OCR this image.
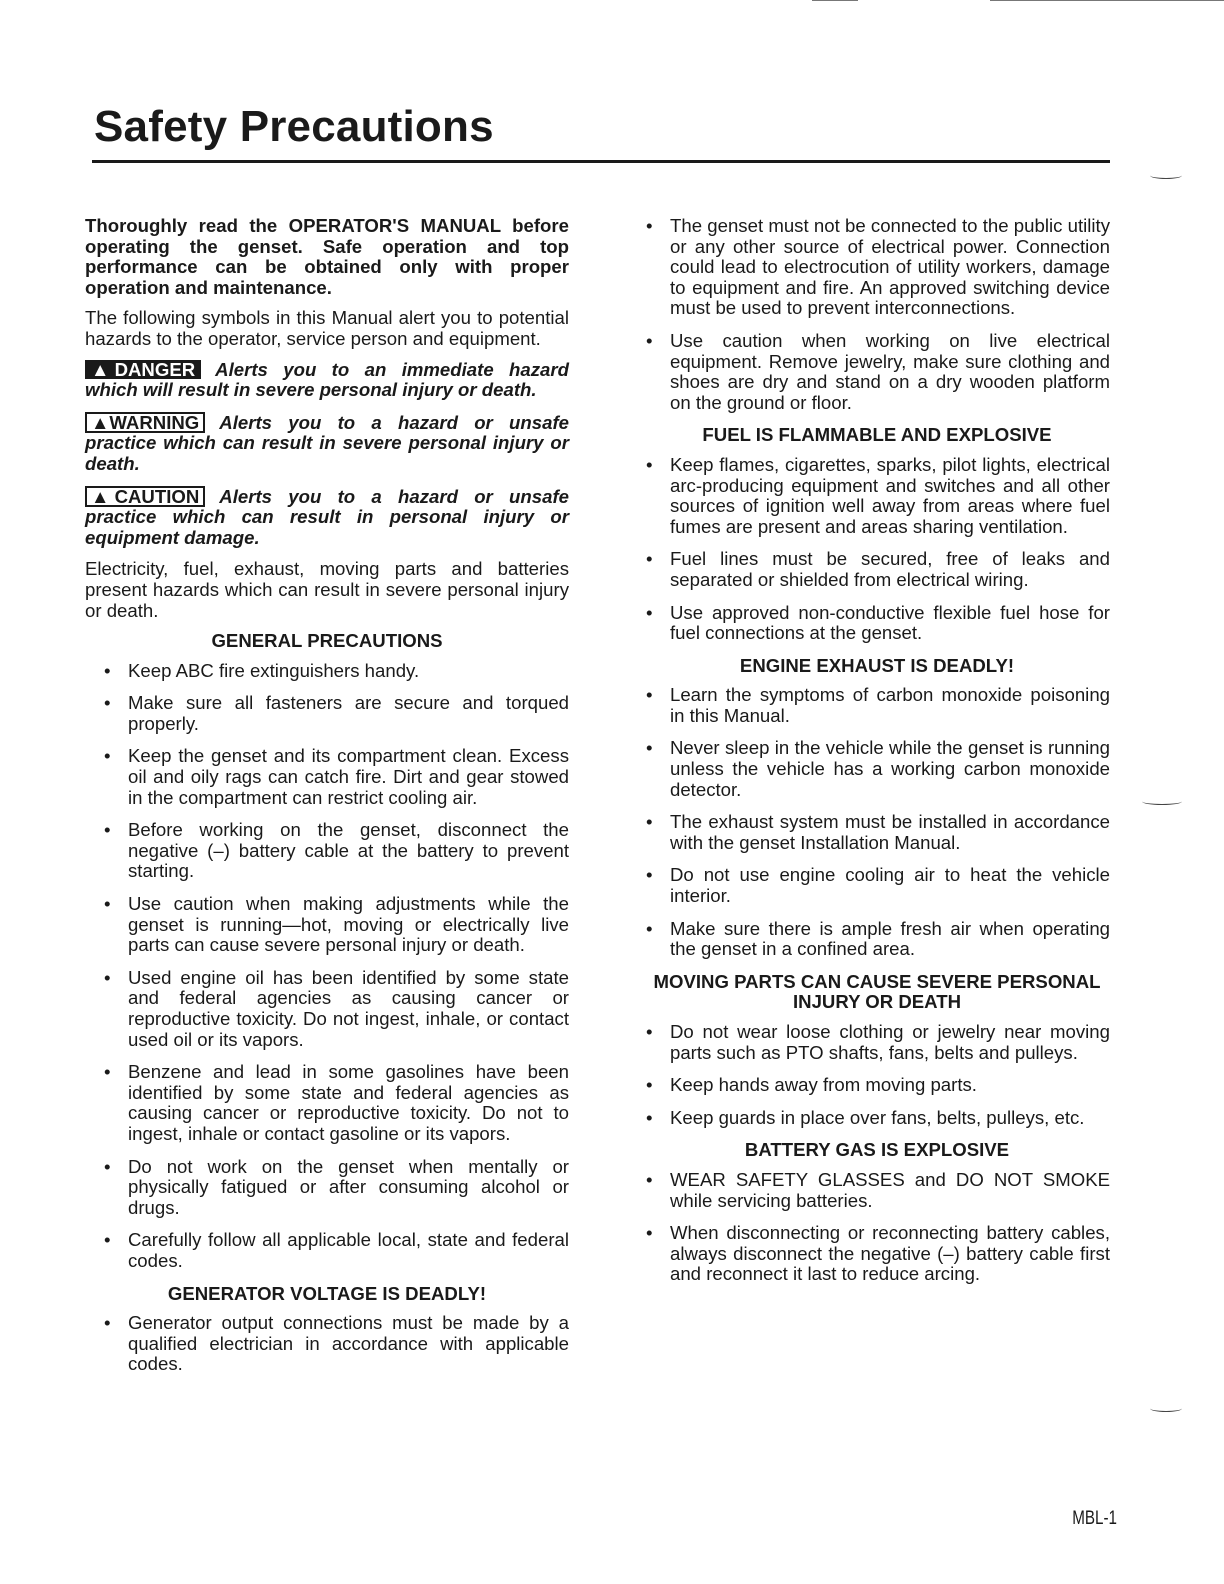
Safety Precautions

Thoroughly read the OPERATOR'S MANUAL before operating the genset. Safe operation and top performance can be obtained only with proper operation and maintenance.

The following symbols in this Manual alert you to potential hazards to the operator, service person and equipment.

▲ DANGER Alerts you to an immediate hazard which will result in severe personal injury or death.

▲WARNING Alerts you to a hazard or unsafe practice which can result in severe personal injury or death.

▲ CAUTION Alerts you to a hazard or unsafe practice which can result in personal injury or equipment damage.

Electricity, fuel, exhaust, moving parts and batteries present hazards which can result in severe personal injury or death.

GENERAL PRECAUTIONS
• Keep ABC fire extinguishers handy.
• Make sure all fasteners are secure and torqued properly.
• Keep the genset and its compartment clean. Excess oil and oily rags can catch fire. Dirt and gear stowed in the compartment can restrict cooling air.
• Before working on the genset, disconnect the negative (–) battery cable at the battery to prevent starting.
• Use caution when making adjustments while the genset is running—hot, moving or electrically live parts can cause severe personal injury or death.
• Used engine oil has been identified by some state and federal agencies as causing cancer or reproductive toxicity. Do not ingest, inhale, or contact used oil or its vapors.
• Benzene and lead in some gasolines have been identified by some state and federal agencies as causing cancer or reproductive toxicity. Do not to ingest, inhale or contact gasoline or its vapors.
• Do not work on the genset when mentally or physically fatigued or after consuming alcohol or drugs.
• Carefully follow all applicable local, state and federal codes.
GENERATOR VOLTAGE IS DEADLY!
• Generator output connections must be made by a qualified electrician in accordance with applicable codes.
• The genset must not be connected to the public utility or any other source of electrical power. Connection could lead to electrocution of utility workers, damage to equipment and fire. An approved switching device must be used to prevent interconnections.
• Use caution when working on live electrical equipment. Remove jewelry, make sure clothing and shoes are dry and stand on a dry wooden platform on the ground or floor.
FUEL IS FLAMMABLE AND EXPLOSIVE
• Keep flames, cigarettes, sparks, pilot lights, electrical arc-producing equipment and switches and all other sources of ignition well away from areas where fuel fumes are present and areas sharing ventilation.
• Fuel lines must be secured, free of leaks and separated or shielded from electrical wiring.
• Use approved non-conductive flexible fuel hose for fuel connections at the genset.
ENGINE EXHAUST IS DEADLY!
• Learn the symptoms of carbon monoxide poisoning in this Manual.
• Never sleep in the vehicle while the genset is running unless the vehicle has a working carbon monoxide detector.
• The exhaust system must be installed in accordance with the genset Installation Manual.
• Do not use engine cooling air to heat the vehicle interior.
• Make sure there is ample fresh air when operating the genset in a confined area.
MOVING PARTS CAN CAUSE SEVERE PERSONAL INJURY OR DEATH
• Do not wear loose clothing or jewelry near moving parts such as PTO shafts, fans, belts and pulleys.
• Keep hands away from moving parts.
• Keep guards in place over fans, belts, pulleys, etc.
BATTERY GAS IS EXPLOSIVE
• WEAR SAFETY GLASSES and DO NOT SMOKE while servicing batteries.
• When disconnecting or reconnecting battery cables, always disconnect the negative (–) battery cable first and reconnect it last to reduce arcing.
MBL-1
